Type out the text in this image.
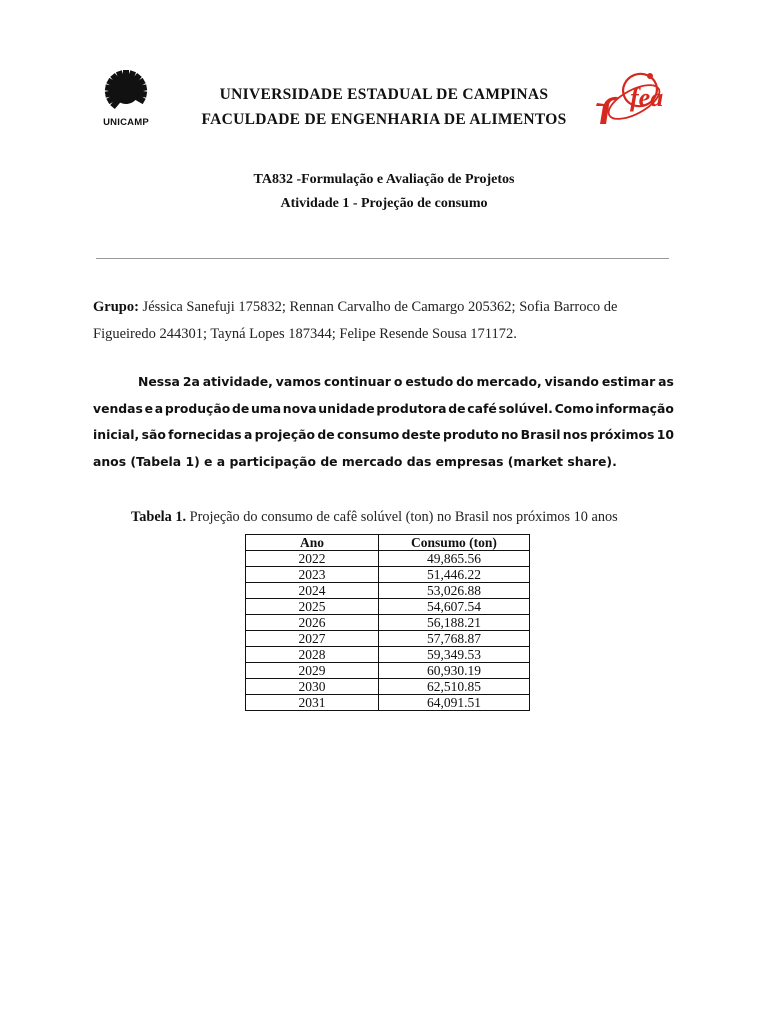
UNICAMP
fea
UNIVERSIDADE ESTADUAL DE CAMPINAS
FACULDADE DE ENGENHARIA DE ALIMENTOS
TA832 -Formulação e Avaliação de Projetos
Atividade 1 - Projeção de consumo
Grupo: Jéssica Sanefuji 175832; Rennan Carvalho de Camargo 205362; Sofia Barroco de
Figueiredo 244301; Tayná Lopes 187344; Felipe Resende Sousa 171172.
Nessa 2a atividade, vamos continuar o estudo do mercado, visando estimar as
vendas e a produção de uma nova unidade produtora de café solúvel. Como informação
inicial, são fornecidas a projeção de consumo deste produto no Brasil nos próximos 10
anos (Tabela 1) e a participação de mercado das empresas (market share).
Tabela 1. Projeção do consumo de cafê solúvel (ton) no Brasil nos próximos 10 anos
Ano	Consumo (ton)
2022	49,865.56
2023	51,446.22
2024	53,026.88
2025	54,607.54
2026	56,188.21
2027	57,768.87
2028	59,349.53
2029	60,930.19
2030	62,510.85
2031	64,091.51
